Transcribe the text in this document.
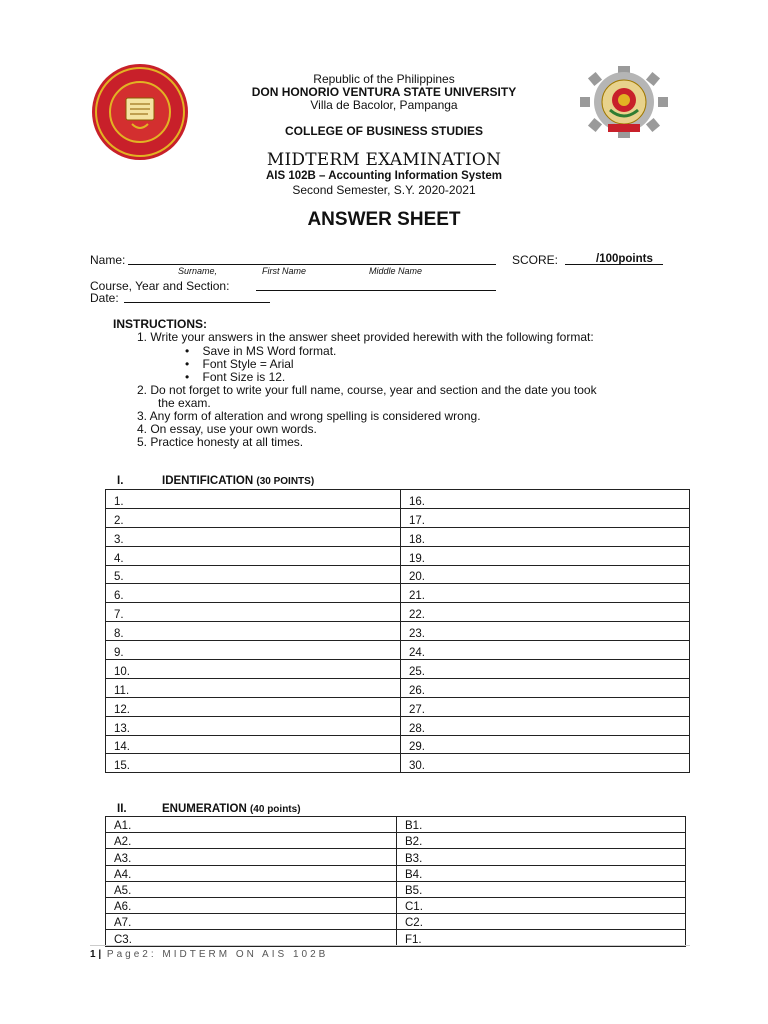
Republic of the Philippines
DON HONORIO VENTURA STATE UNIVERSITY
Villa de Bacolor, Pampanga
COLLEGE OF BUSINESS STUDIES
MIDTERM EXAMINATION
AIS 102B – Accounting Information System
Second Semester, S.Y. 2020-2021
ANSWER SHEET
Name:
Surname,	First Name	Middle Name
SCORE:	/100points
Course, Year and Section:
Date:
INSTRUCTIONS:
1. Write your answers in the answer sheet provided herewith with the following format:
•    Save in MS Word format.
•    Font Style = Arial
•    Font Size is 12.
2. Do not forget to write your full name, course, year and section and the date you took
the exam.
3. Any form of alteration and wrong spelling is considered wrong.
4. On essay, use your own words.
5. Practice honesty at all times.
I.	IDENTIFICATION (30 POINTS)
1.	16.
2.	17.
3.	18.
4.	19.
5.	20.
6.	21.
7.	22.
8.	23.
9.	24.
10.	25.
11.	26.
12.	27.
13.	28.
14.	29.
15.	30.
II.	ENUMERATION (40 points)
A1.	B1.
A2.	B2.
A3.	B3.
A4.	B4.
A5.	B5.
A6.	C1.
A7.	C2.
C3.	F1.
1 | Page2: MIDTERM ON AIS 102B
